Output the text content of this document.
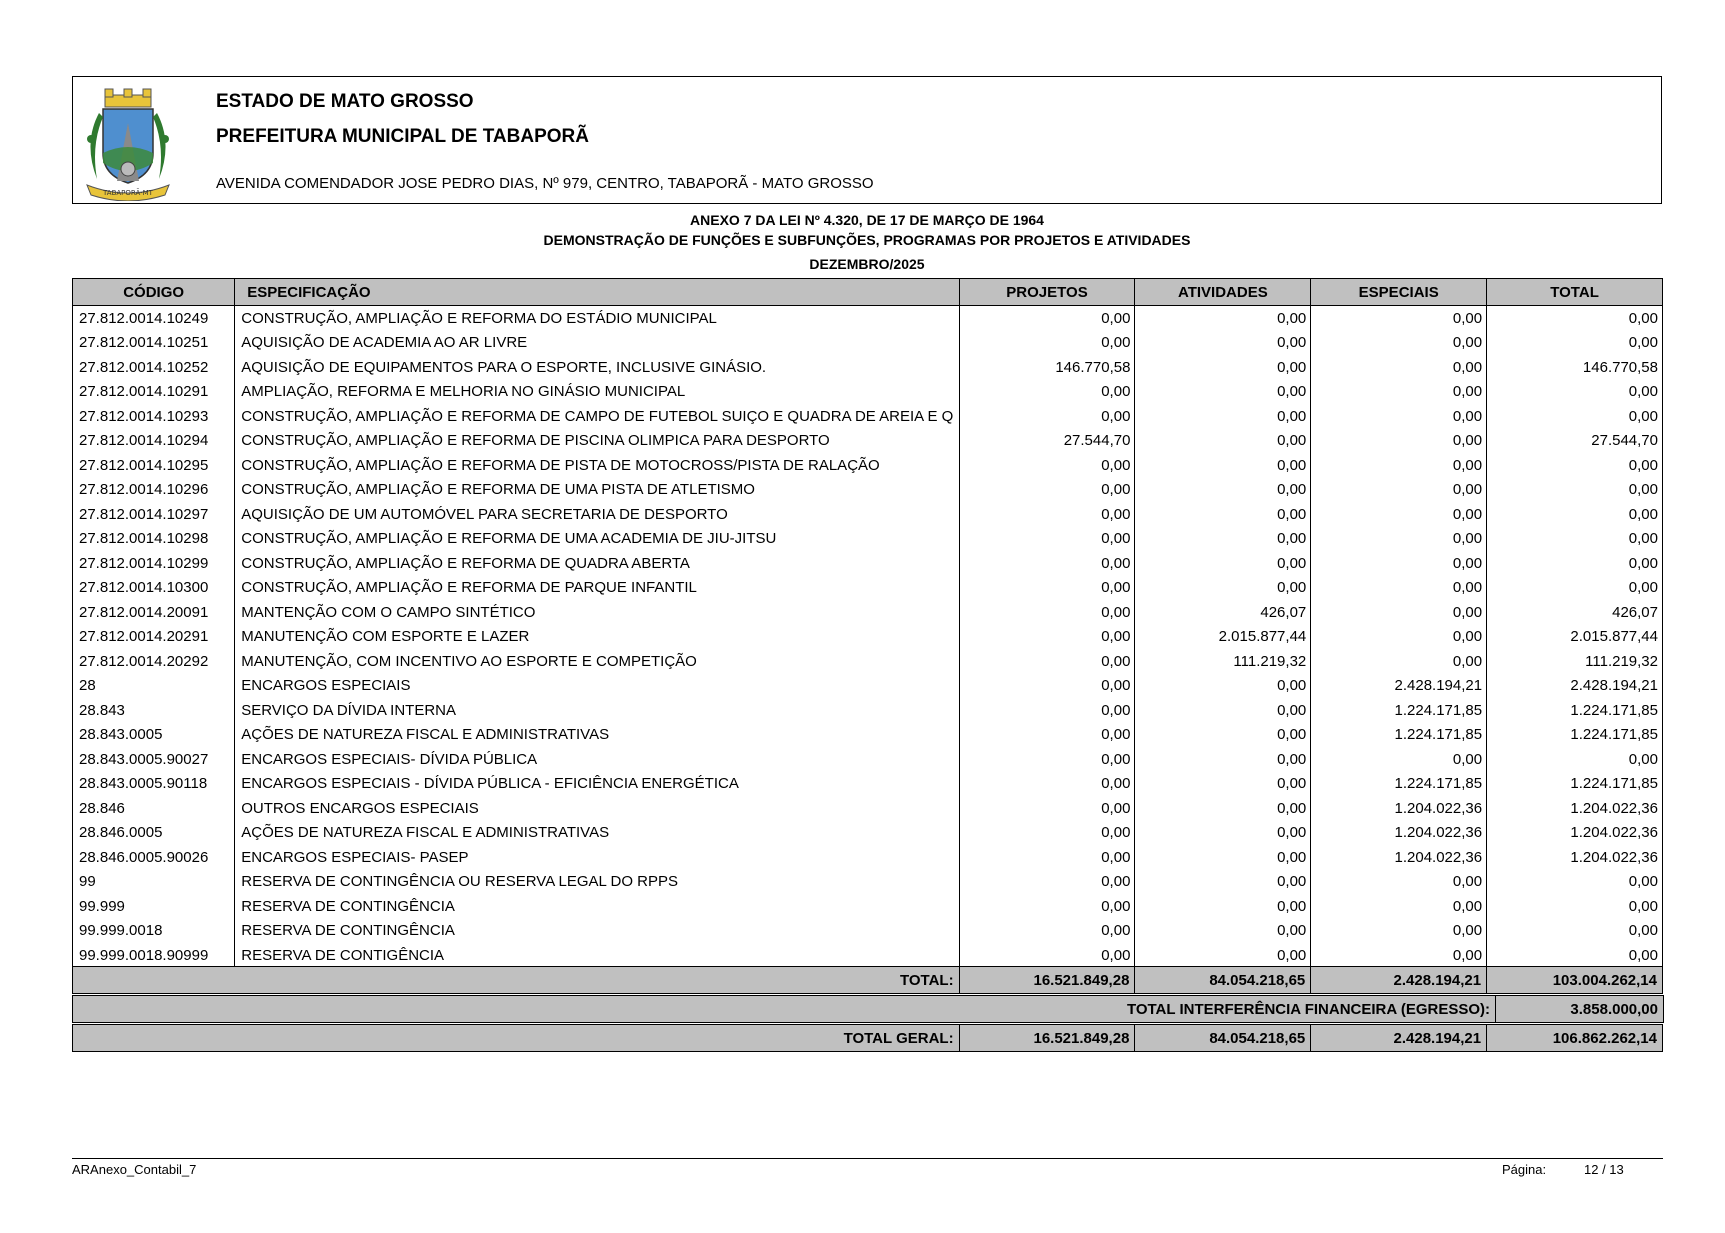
TABAPORÃ-MT
ESTADO DE MATO GROSSO
PREFEITURA MUNICIPAL DE TABAPORÃ
AVENIDA COMENDADOR JOSE PEDRO DIAS, Nº 979, CENTRO, TABAPORÃ - MATO GROSSO
ANEXO 7 DA LEI Nº 4.320, DE 17 DE MARÇO DE 1964
DEMONSTRAÇÃO DE FUNÇÕES E SUBFUNÇÕES, PROGRAMAS POR PROJETOS E ATIVIDADES
DEZEMBRO/2025
CÓDIGO	ESPECIFICAÇÃO	PROJETOS	ATIVIDADES	ESPECIAIS	TOTAL
27.812.0014.10249	CONSTRUÇÃO, AMPLIAÇÃO E REFORMA DO ESTÁDIO MUNICIPAL	0,00	0,00	0,00	0,00
27.812.0014.10251	AQUISIÇÃO DE ACADEMIA AO AR LIVRE	0,00	0,00	0,00	0,00
27.812.0014.10252	AQUISIÇÃO DE EQUIPAMENTOS PARA O ESPORTE, INCLUSIVE GINÁSIO.	146.770,58	0,00	0,00	146.770,58
27.812.0014.10291	AMPLIAÇÃO, REFORMA E MELHORIA NO GINÁSIO MUNICIPAL	0,00	0,00	0,00	0,00
27.812.0014.10293	CONSTRUÇÃO, AMPLIAÇÃO E REFORMA DE CAMPO DE FUTEBOL SUIÇO E QUADRA DE AREIA E Q	0,00	0,00	0,00	0,00
27.812.0014.10294	CONSTRUÇÃO, AMPLIAÇÃO E REFORMA DE PISCINA OLIMPICA PARA DESPORTO	27.544,70	0,00	0,00	27.544,70
27.812.0014.10295	CONSTRUÇÃO, AMPLIAÇÃO E REFORMA DE PISTA DE MOTOCROSS/PISTA DE RALAÇÃO	0,00	0,00	0,00	0,00
27.812.0014.10296	CONSTRUÇÃO, AMPLIAÇÃO E REFORMA DE UMA PISTA DE ATLETISMO	0,00	0,00	0,00	0,00
27.812.0014.10297	AQUISIÇÃO DE UM AUTOMÓVEL PARA SECRETARIA DE DESPORTO	0,00	0,00	0,00	0,00
27.812.0014.10298	CONSTRUÇÃO, AMPLIAÇÃO E REFORMA DE UMA ACADEMIA DE JIU-JITSU	0,00	0,00	0,00	0,00
27.812.0014.10299	CONSTRUÇÃO, AMPLIAÇÃO E REFORMA DE QUADRA ABERTA	0,00	0,00	0,00	0,00
27.812.0014.10300	CONSTRUÇÃO, AMPLIAÇÃO E REFORMA DE PARQUE INFANTIL	0,00	0,00	0,00	0,00
27.812.0014.20091	MANTENÇÃO COM O CAMPO SINTÉTICO	0,00	426,07	0,00	426,07
27.812.0014.20291	MANUTENÇÃO COM ESPORTE E LAZER	0,00	2.015.877,44	0,00	2.015.877,44
27.812.0014.20292	MANUTENÇÃO, COM INCENTIVO AO ESPORTE E COMPETIÇÃO	0,00	111.219,32	0,00	111.219,32
28	ENCARGOS ESPECIAIS	0,00	0,00	2.428.194,21	2.428.194,21
28.843	SERVIÇO DA DÍVIDA INTERNA	0,00	0,00	1.224.171,85	1.224.171,85
28.843.0005	AÇÕES DE NATUREZA FISCAL E ADMINISTRATIVAS	0,00	0,00	1.224.171,85	1.224.171,85
28.843.0005.90027	ENCARGOS ESPECIAIS- DÍVIDA PÚBLICA	0,00	0,00	0,00	0,00
28.843.0005.90118	ENCARGOS ESPECIAIS - DÍVIDA PÚBLICA - EFICIÊNCIA ENERGÉTICA	0,00	0,00	1.224.171,85	1.224.171,85
28.846	OUTROS ENCARGOS ESPECIAIS	0,00	0,00	1.204.022,36	1.204.022,36
28.846.0005	AÇÕES DE NATUREZA FISCAL E ADMINISTRATIVAS	0,00	0,00	1.204.022,36	1.204.022,36
28.846.0005.90026	ENCARGOS ESPECIAIS- PASEP	0,00	0,00	1.204.022,36	1.204.022,36
99	RESERVA DE CONTINGÊNCIA OU RESERVA LEGAL DO RPPS	0,00	0,00	0,00	0,00
99.999	RESERVA DE CONTINGÊNCIA	0,00	0,00	0,00	0,00
99.999.0018	RESERVA DE CONTINGÊNCIA	0,00	0,00	0,00	0,00
99.999.0018.90999	RESERVA DE CONTIGÊNCIA	0,00	0,00	0,00	0,00
TOTAL:	16.521.849,28	84.054.218,65	2.428.194,21	103.004.262,14
TOTAL INTERFERÊNCIA FINANCEIRA (EGRESSO):	3.858.000,00
TOTAL GERAL:	16.521.849,28	84.054.218,65	2.428.194,21	106.862.262,14
ARAnexo_Contabil_7	Página:	12 / 13
